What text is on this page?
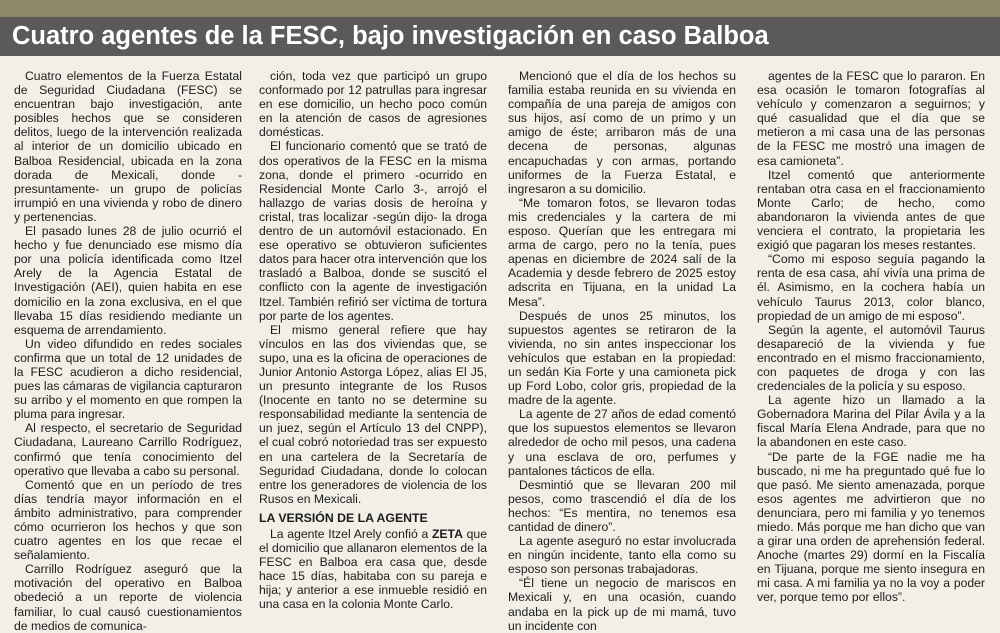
Cuatro agentes de la FESC, bajo investigación en caso Balboa

Cuatro elementos de la Fuerza Estatal de Seguridad Ciudadana (FESC) se encuentran bajo investigación, ante posibles hechos que se consideren delitos, luego de la intervención realizada al interior de un domicilio ubicado en Balboa Residencial, ubicada en la zona dorada de Mexicali, donde -presuntamente- un grupo de policías irrumpió en una vivienda y robo de dinero y pertenencias.

El pasado lunes 28 de julio ocurrió el hecho y fue denunciado ese mismo día por una policía identificada como Itzel Arely de la Agencia Estatal de Investigación (AEI), quien habita en ese domicilio en la zona exclusiva, en el que llevaba 15 días residiendo mediante un esquema de arrendamiento.

Un video difundido en redes sociales confirma que un total de 12 unidades de la FESC acudieron a dicho residencial, pues las cámaras de vigilancia capturaron su arribo y el momento en que rompen la pluma para ingresar.

Al respecto, el secretario de Seguridad Ciudadana, Laureano Carrillo Rodríguez, confirmó que tenía conocimiento del operativo que llevaba a cabo su personal.

Comentó que en un período de tres días tendría mayor información en el ámbito administrativo, para comprender cómo ocurrieron los hechos y que son cuatro agentes en los que recae el señalamiento.

Carrillo Rodríguez aseguró que la motivación del operativo en Balboa obedeció a un reporte de violencia familiar, lo cual causó cuestionamientos de medios de comunica-

ción, toda vez que participó un grupo conformado por 12 patrullas para ingresar en ese domicilio, un hecho poco común en la atención de casos de agresiones domésticas.

El funcionario comentó que se trató de dos operativos de la FESC en la misma zona, donde el primero -ocurrido en Residencial Monte Carlo 3-, arrojó el hallazgo de varias dosis de heroína y cristal, tras localizar -según dijo- la droga dentro de un automóvil estacionado. En ese operativo se obtuvieron suficientes datos para hacer otra intervención que los trasladó a Balboa, donde se suscitó el conflicto con la agente de investigación Itzel. También refirió ser víctima de tortura por parte de los agentes.

El mismo general refiere que hay vínculos en las dos viviendas que, se supo, una es la oficina de operaciones de Junior Antonio Astorga López, alias El J5, un presunto integrante de los Rusos (Inocente en tanto no se determine su responsabilidad mediante la sentencia de un juez, según el Artículo 13 del CNPP), el cual cobró notoriedad tras ser expuesto en una cartelera de la Secretaría de Seguridad Ciudadana, donde lo colocan entre los generadores de violencia de los Rusos en Mexicali.

LA VERSIÓN DE LA AGENTE

La agente Itzel Arely confió a ZETA que el domicilio que allanaron elementos de la FESC en Balboa era casa que, desde hace 15 días, habitaba con su pareja e hija; y anterior a ese inmueble residió en una casa en la colonia Monte Carlo.

Mencionó que el día de los hechos su familia estaba reunida en su vivienda en compañía de una pareja de amigos con sus hijos, así como de un primo y un amigo de éste; arribaron más de una decena de personas, algunas encapuchadas y con armas, portando uniformes de la Fuerza Estatal, e ingresaron a su domicilio.

“Me tomaron fotos, se llevaron todas mis credenciales y la cartera de mi esposo. Querían que les entregara mi arma de cargo, pero no la tenía, pues apenas en diciembre de 2024 salí de la Academia y desde febrero de 2025 estoy adscrita en Tijuana, en la unidad La Mesa”.

Después de unos 25 minutos, los supuestos agentes se retiraron de la vivienda, no sin antes inspeccionar los vehículos que estaban en la propiedad: un sedán Kia Forte y una camioneta pick up Ford Lobo, color gris, propiedad de la madre de la agente.

La agente de 27 años de edad comentó que los supuestos elementos se llevaron alrededor de ocho mil pesos, una cadena y una esclava de oro, perfumes y pantalones tácticos de ella.

Desmintió que se llevaran 200 mil pesos, como trascendió el día de los hechos: “Es mentira, no tenemos esa cantidad de dinero”.

La agente aseguró no estar involucrada en ningún incidente, tanto ella como su esposo son personas trabajadoras.

“Él tiene un negocio de mariscos en Mexicali y, en una ocasión, cuando andaba en la pick up de mi mamá, tuvo un incidente con

agentes de la FESC que lo pararon. En esa ocasión le tomaron fotografías al vehículo y comenzaron a seguirnos; y qué casualidad que el día que se metieron a mi casa una de las personas de la FESC me mostró una imagen de esa camioneta”.

Itzel comentó que anteriormente rentaban otra casa en el fraccionamiento Monte Carlo; de hecho, como abandonaron la vivienda antes de que venciera el contrato, la propietaria les exigió que pagaran los meses restantes.

“Como mi esposo seguía pagando la renta de esa casa, ahí vivía una prima de él. Asimismo, en la cochera había un vehículo Taurus 2013, color blanco, propiedad de un amigo de mi esposo”.

Según la agente, el automóvil Taurus desapareció de la vivienda y fue encontrado en el mismo fraccionamiento, con paquetes de droga y con las credenciales de la policía y su esposo.

La agente hizo un llamado a la Gobernadora Marina del Pilar Ávila y a la fiscal María Elena Andrade, para que no la abandonen en este caso.

“De parte de la FGE nadie me ha buscado, ni me ha preguntado qué fue lo que pasó. Me siento amenazada, porque esos agentes me advirtieron que no denunciara, pero mi familia y yo tenemos miedo. Más porque me han dicho que van a girar una orden de aprehensión federal. Anoche (martes 29) dormí en la Fiscalía en Tijuana, porque me siento insegura en mi casa. A mi familia ya no la voy a poder ver, porque temo por ellos”.
